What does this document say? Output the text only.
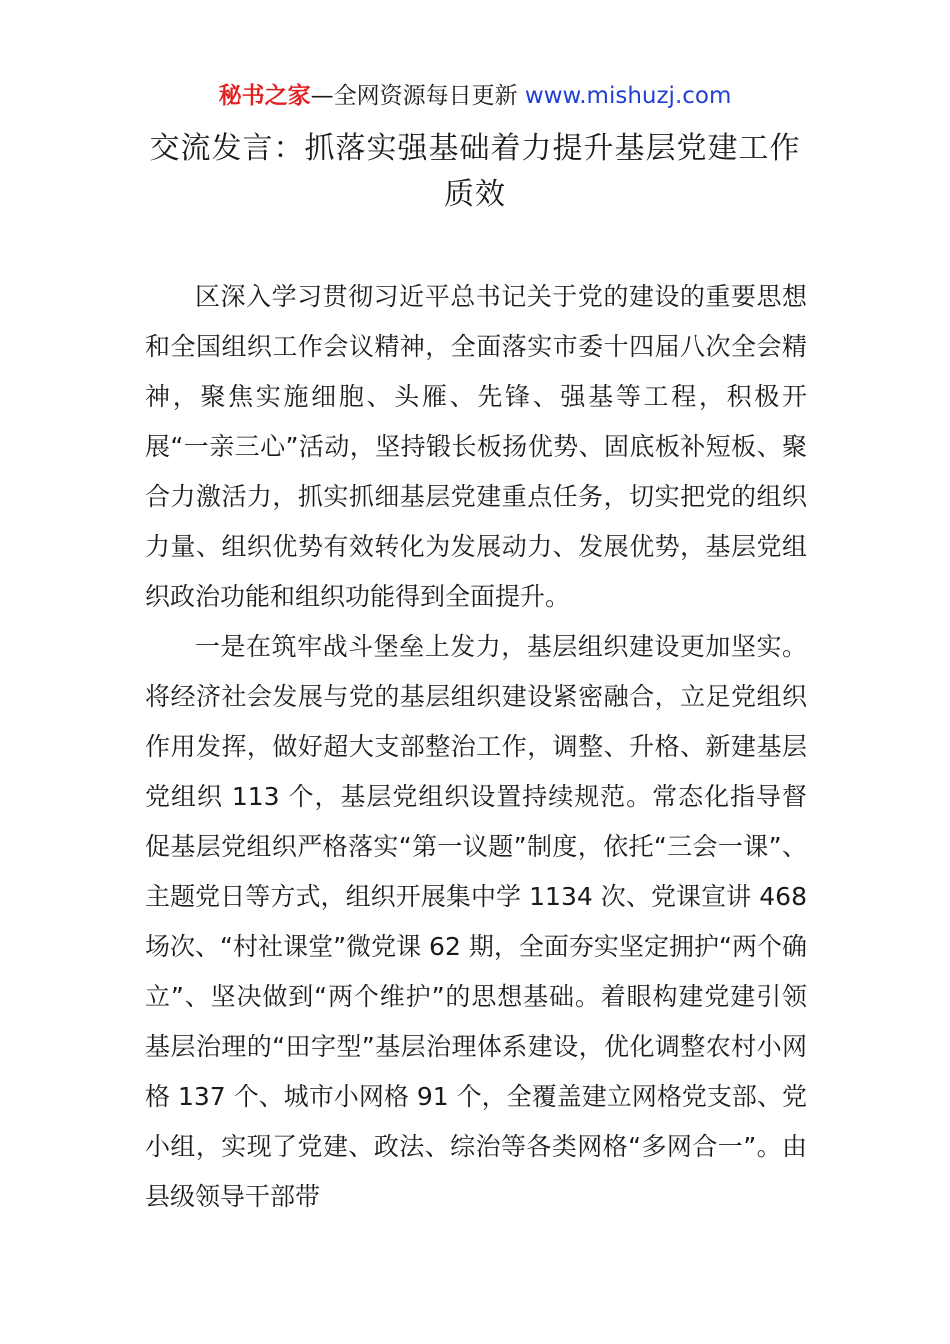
秘书之家—全网资源每日更新 www.mishuzj.com
交流发言：抓落实强基础着力提升基层党建工作质效

区深入学习贯彻习近平总书记关于党的建设的重要思想和全国组织工作会议精神，全面落实市委十四届八次全会精神，聚焦实施细胞、头雁、先锋、强基等工程，积极开展“一亲三心”活动，坚持锻长板扬优势、固底板补短板、聚合力激活力，抓实抓细基层党建重点任务，切实把党的组织力量、组织优势有效转化为发展动力、发展优势，基层党组织政治功能和组织功能得到全面提升。

一是在筑牢战斗堡垒上发力，基层组织建设更加坚实。将经济社会发展与党的基层组织建设紧密融合，立足党组织作用发挥，做好超大支部整治工作，调整、升格、新建基层党组织 113 个，基层党组织设置持续规范。常态化指导督促基层党组织严格落实“第一议题”制度，依托“三会一课”、主题党日等方式，组织开展集中学 1134 次、党课宣讲 468 场次、“村社课堂”微党课 62 期，全面夯实坚定拥护“两个确立”、坚决做到“两个维护”的思想基础。着眼构建党建引领基层治理的“田字型”基层治理体系建设，优化调整农村小网格 137 个、城市小网格 91 个，全覆盖建立网格党支部、党小组，实现了党建、政法、综治等各类网格“多网合一”。由县级领导干部带
